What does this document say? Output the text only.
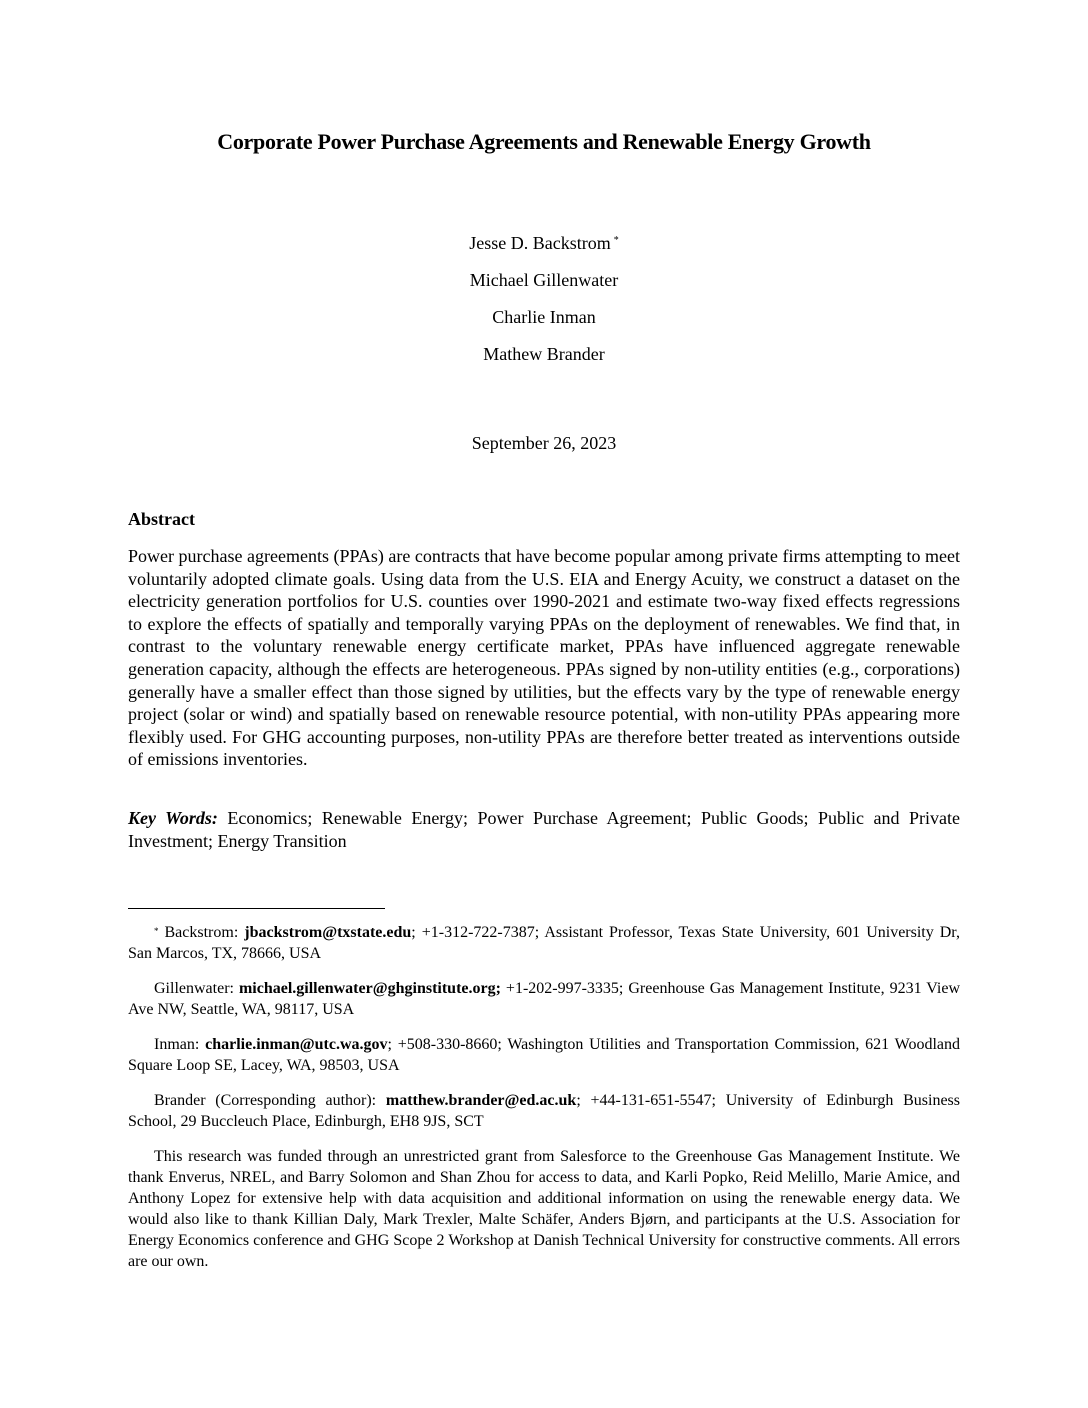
Corporate Power Purchase Agreements and Renewable Energy Growth
Jesse D. Backstrom *
Michael Gillenwater
Charlie Inman
Mathew Brander
September 26, 2023
Abstract
Power purchase agreements (PPAs) are contracts that have become popular among private firms attempting to meet voluntarily adopted climate goals. Using data from the U.S. EIA and Energy Acuity, we construct a dataset on the electricity generation portfolios for U.S. counties over 1990-2021 and estimate two-way fixed effects regressions to explore the effects of spatially and temporally varying PPAs on the deployment of renewables. We find that, in contrast to the voluntary renewable energy certificate market, PPAs have influenced aggregate renewable generation capacity, although the effects are heterogeneous. PPAs signed by non-utility entities (e.g., corporations) generally have a smaller effect than those signed by utilities, but the effects vary by the type of renewable energy project (solar or wind) and spatially based on renewable resource potential, with non-utility PPAs appearing more flexibly used. For GHG accounting purposes, non-utility PPAs are therefore better treated as interventions outside of emissions inventories.
Key Words: Economics; Renewable Energy; Power Purchase Agreement; Public Goods; Public and Private Investment; Energy Transition

* Backstrom: jbackstrom@txstate.edu; +1-312-722-7387; Assistant Professor, Texas State University, 601 University Dr, San Marcos, TX, 78666, USA

Gillenwater: michael.gillenwater@ghginstitute.org; +1-202-997-3335; Greenhouse Gas Management Institute, 9231 View Ave NW, Seattle, WA, 98117, USA

Inman: charlie.inman@utc.wa.gov; +508-330-8660; Washington Utilities and Transportation Commission, 621 Woodland Square Loop SE, Lacey, WA, 98503, USA

Brander (Corresponding author): matthew.brander@ed.ac.uk; +44-131-651-5547; University of Edinburgh Business School, 29 Buccleuch Place, Edinburgh, EH8 9JS, SCT

This research was funded through an unrestricted grant from Salesforce to the Greenhouse Gas Management Institute. We thank Enverus, NREL, and Barry Solomon and Shan Zhou for access to data, and Karli Popko, Reid Melillo, Marie Amice, and Anthony Lopez for extensive help with data acquisition and additional information on using the renewable energy data. We would also like to thank Killian Daly, Mark Trexler, Malte Schäfer, Anders Bjørn, and participants at the U.S. Association for Energy Economics conference and GHG Scope 2 Workshop at Danish Technical University for constructive comments. All errors are our own.
